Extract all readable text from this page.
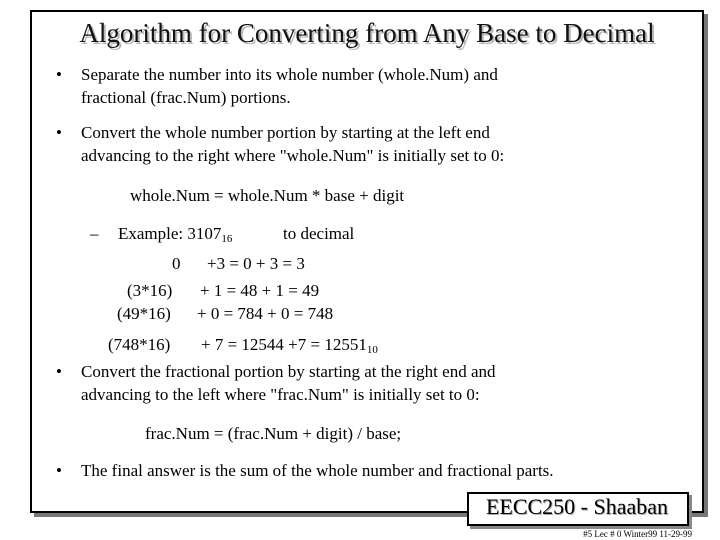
Algorithm for Converting from Any Base to Decimal
• Separate the number into its whole number (whole.Num) and
fractional (frac.Num) portions.
• Convert the whole number portion by starting at the left end
advancing to the right where "whole.Num" is initially set to 0:
whole.Num = whole.Num * base + digit
– Example: $3107_{16}$	to decimal
0 +3 = 0 + 3 = 3
(3*16) + 1 = 48 + 1 = 49
(49*16) + 0 = 784 + 0 = 748
$(748*16) + 7 = 12544 +7 = 12551_{10}$
• Convert the fractional portion by starting at the right end and
advancing to the left where "frac.Num" is initially set to 0:
frac.Num = (frac.Num + digit) / base;
• The final answer is the sum of the whole number and fractional parts.
EECC250 - Shaaban
#5 Lec # 0 Winter99 11-29-99
